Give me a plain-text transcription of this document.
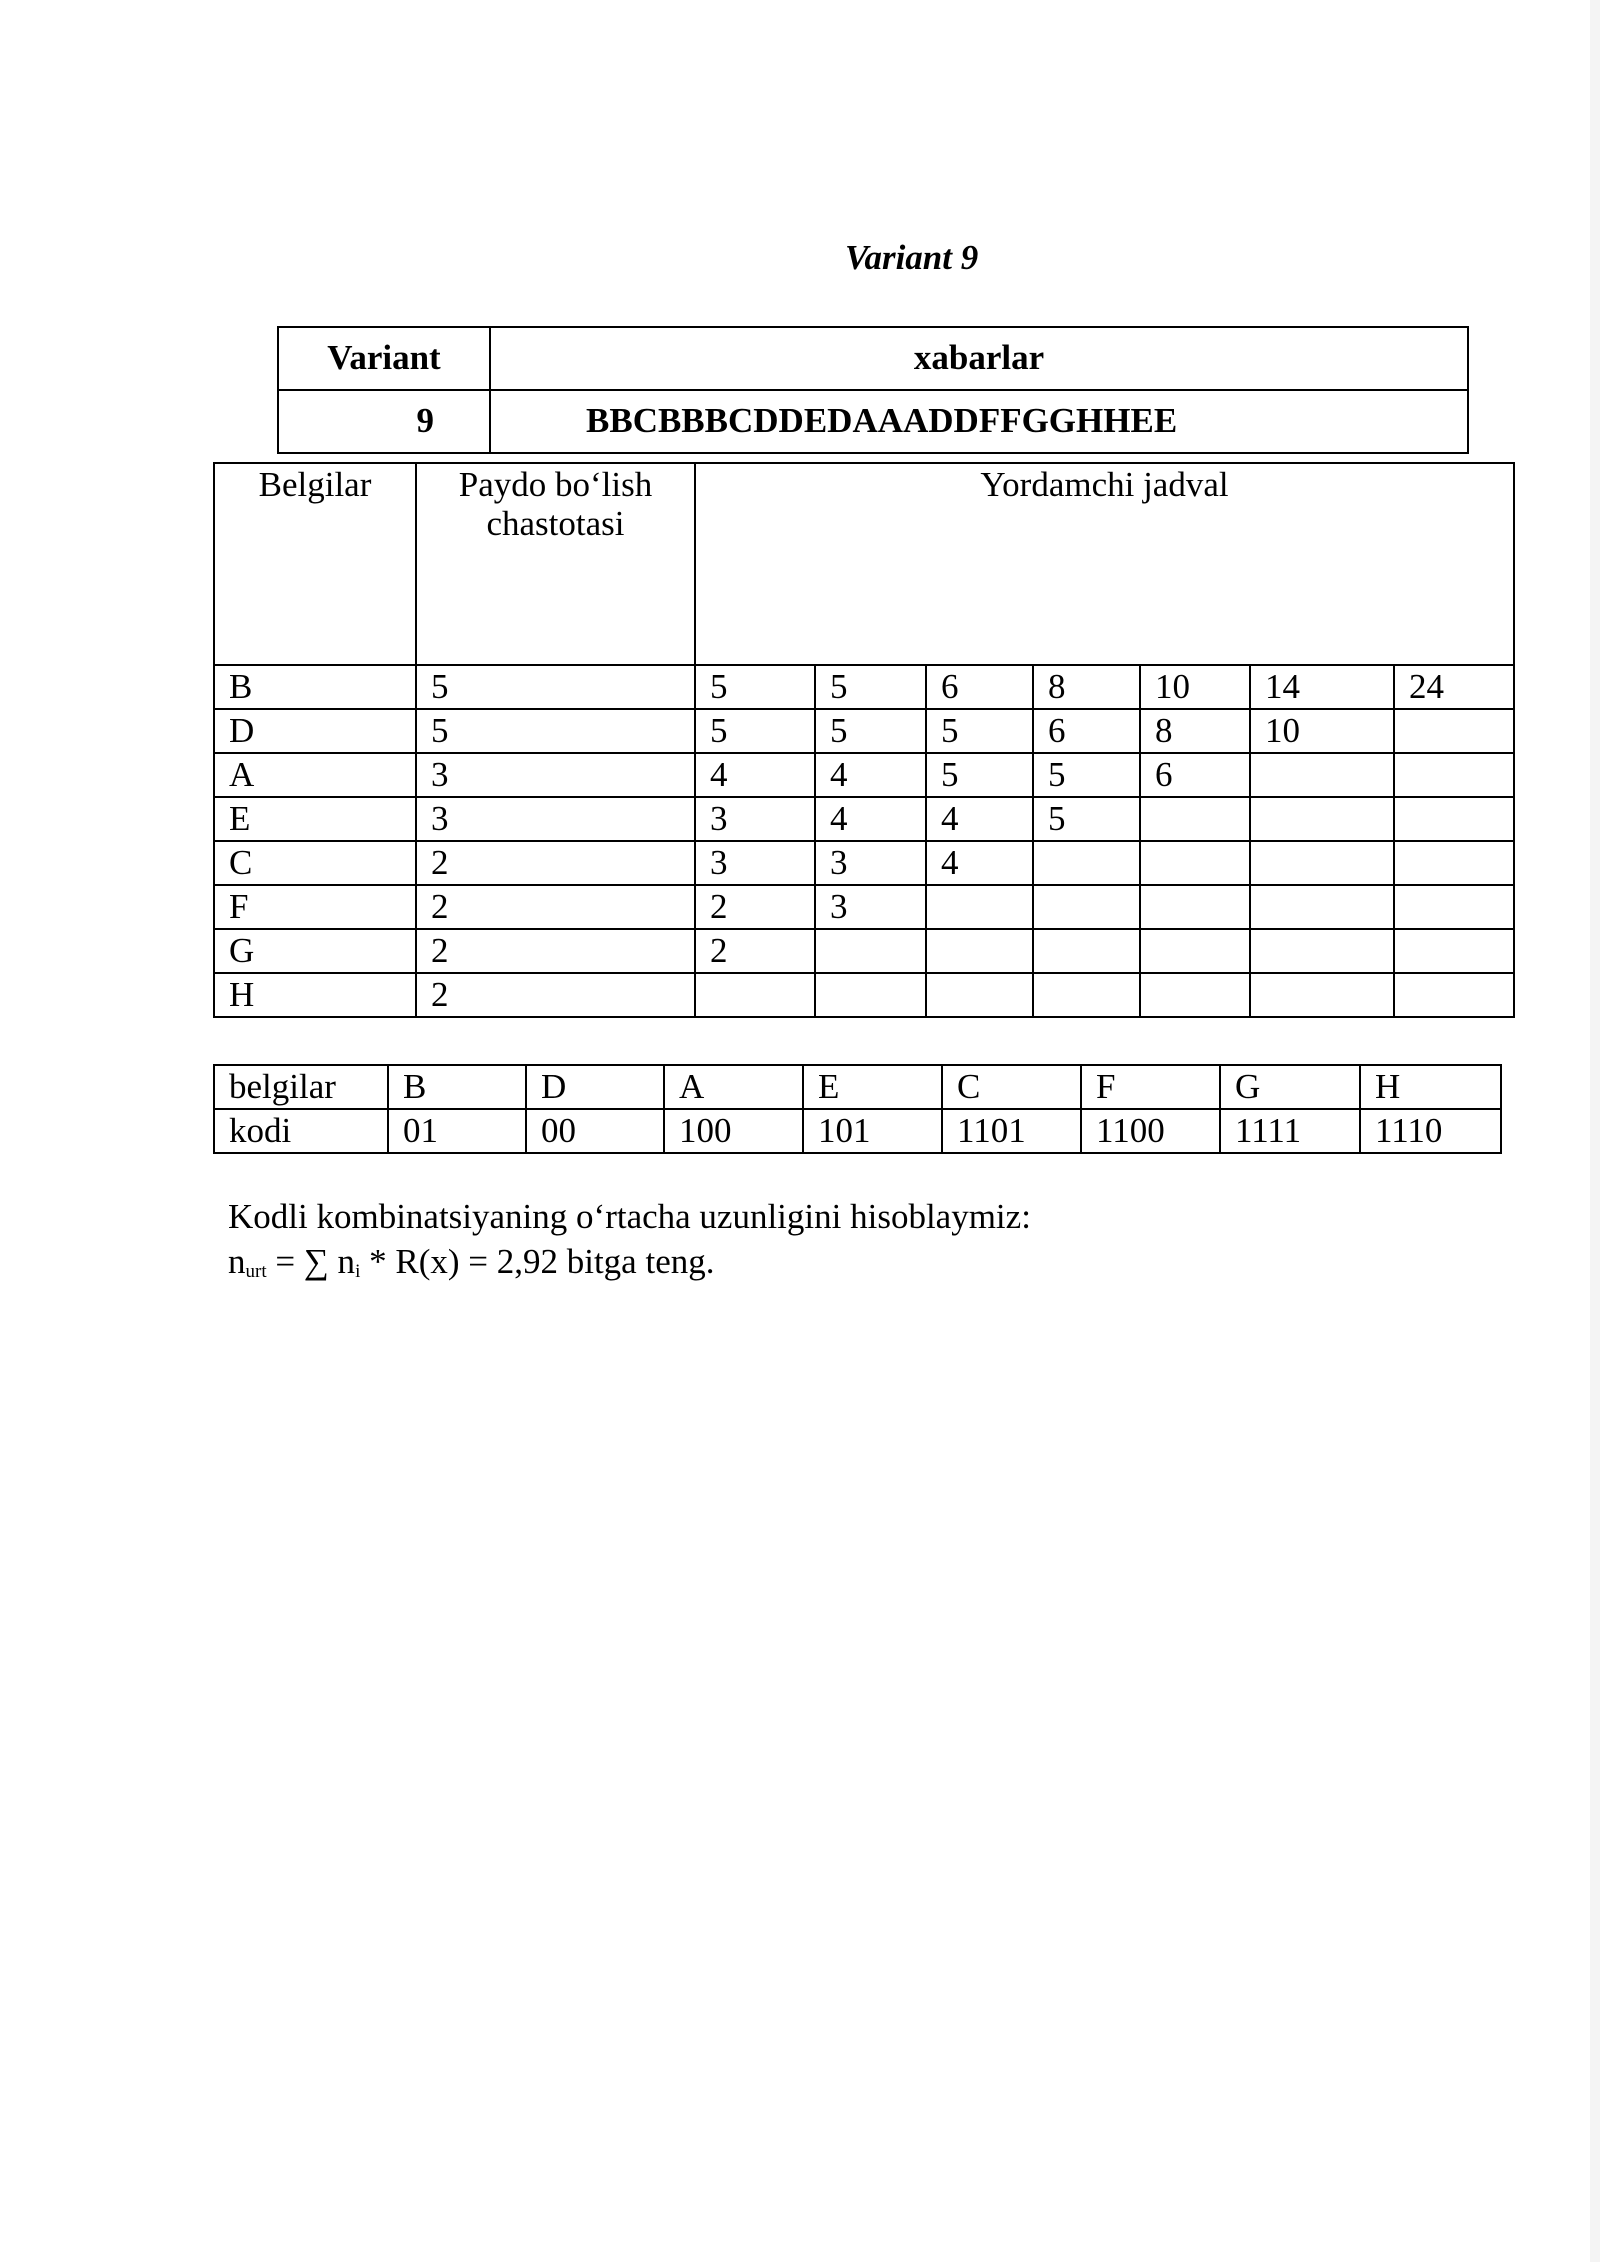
Variant 9
Variant	xabarlar
9	BBCBBBCDDEDAAADDFFGGHHEE
Belgilar	Paydo bo‘lish chastotasi	Yordamchi jadval						
B	5	5	5	6	8	10	14	24
D	5	5	5	5	6	8	10	
A	3	4	4	5	5	6		
E	3	3	4	4	5			
C	2	3	3	4				
F	2	2	3					
G	2	2						
H	2							
belgilar	B	D	A	E	C	F	G	H
kodi	01	00	100	101	1101	1100	1111	1110
Kodli kombinatsiyaning o‘rtacha uzunligini hisoblaymiz:
$n_{urt}$ = ∑ $n_i * R(x) = 2,92$ bitga teng.
